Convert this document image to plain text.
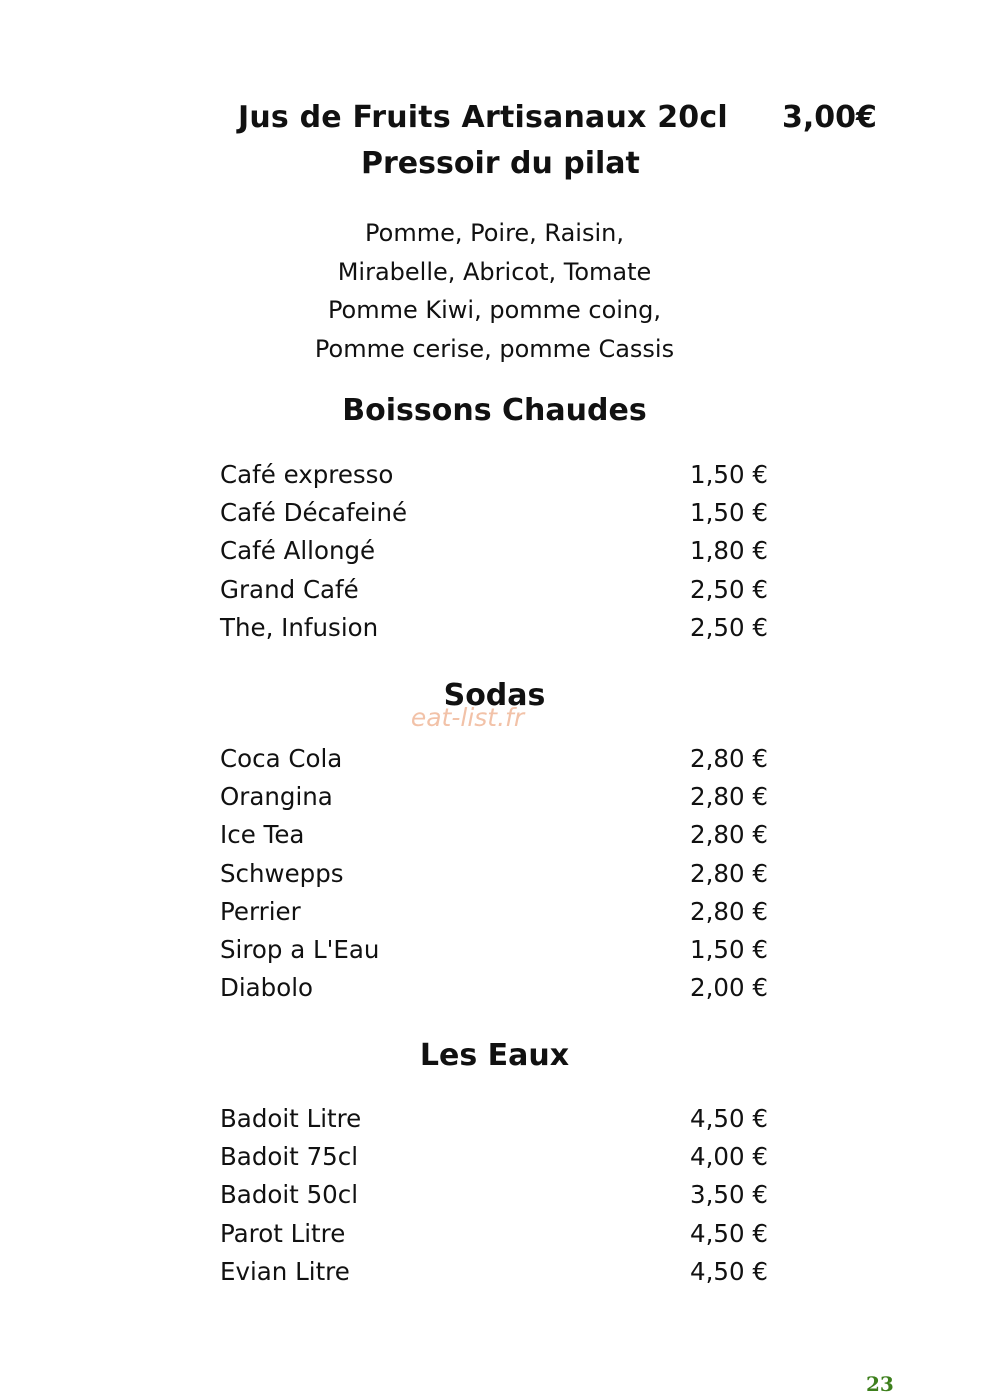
Jus de Fruits Artisanaux 20cl 3,00€
Pressoir du pilat
Pomme, Poire, Raisin,
Mirabelle, Abricot, Tomate
Pomme Kiwi, pomme coing,
Pomme cerise, pomme Cassis
Boissons Chaudes
Café expresso	1,50 €
Café Décafeiné	1,50 €
Café Allongé	1,80 €
Grand Café	2,50 €
The, Infusion	2,50 €
Sodas
eat-list.fr
Coca Cola	2,80 €
Orangina	2,80 €
Ice Tea	2,80 €
Schwepps	2,80 €
Perrier	2,80 €
Sirop a L'Eau	1,50 €
Diabolo	2,00 €
Les Eaux
Badoit Litre	4,50 €
Badoit 75cl	4,00 €
Badoit 50cl	3,50 €
Parot Litre	4,50 €
Evian Litre	4,50 €
23
